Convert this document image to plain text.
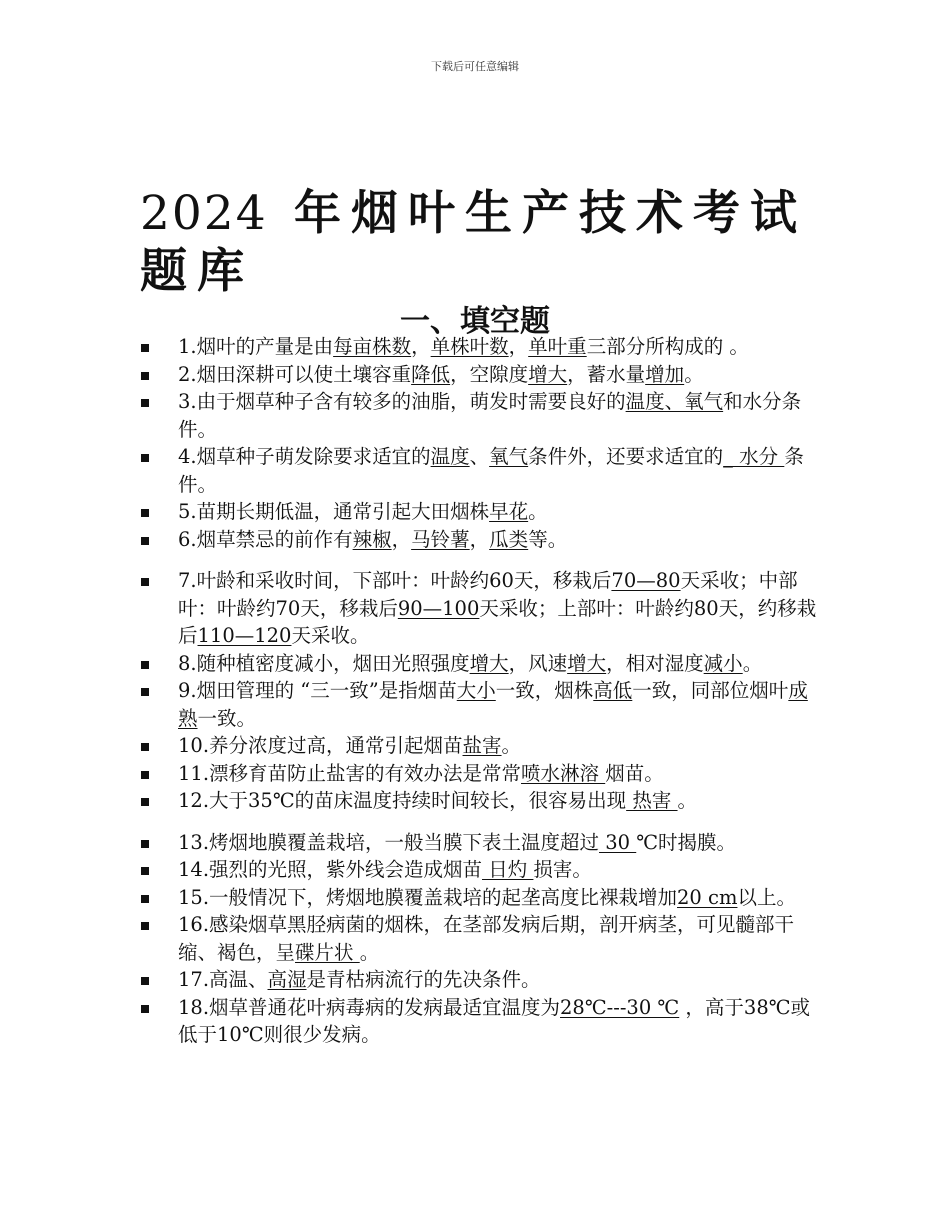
下载后可任意编辑
2024 年烟叶生产技术考试题库
一、填空题
1.烟叶的产量是由每亩株数，单株叶数，单叶重三部分所构成的 。
2.烟田深耕可以使土壤容重降低，空隙度增大，蓄水量增加。
3.由于烟草种子含有较多的油脂，萌发时需要良好的温度、氧气和水分条件。
4.烟草种子萌发除要求适宜的温度、氧气条件外，还要求适宜的_ 水分 条件。
5.苗期长期低温，通常引起大田烟株早花。
6.烟草禁忌的前作有辣椒，马铃薯，瓜类等。
7.叶龄和采收时间，下部叶：叶龄约60天，移栽后70—80天采收；中部叶：叶龄约70天，移栽后90—100天采收；上部叶：叶龄约80天，约移栽后110—120天采收。
8.随种植密度减小，烟田光照强度增大，风速增大，相对湿度减小。
9.烟田管理的 “三一致”是指烟苗大小一致，烟株高低一致，同部位烟叶成熟一致。
10.养分浓度过高，通常引起烟苗盐害。
11.漂移育苗防止盐害的有效办法是常常喷水淋溶 烟苗。
12.大于35℃的苗床温度持续时间较长，很容易出现 热害 。
13.烤烟地膜覆盖栽培，一般当膜下表土温度超过 30 ℃时揭膜。
14.强烈的光照，紫外线会造成烟苗 日灼 损害。
15.一般情况下，烤烟地膜覆盖栽培的起垄高度比裸栽增加20 cm以上。
16.感染烟草黑胫病菌的烟株，在茎部发病后期，剖开病茎，可见髓部干缩、褐色，呈碟片状 。
17.高温、高湿是青枯病流行的先决条件。
18.烟草普通花叶病毒病的发病最适宜温度为28℃---30 ℃ ，高于38℃或低于10℃则很少发病。
